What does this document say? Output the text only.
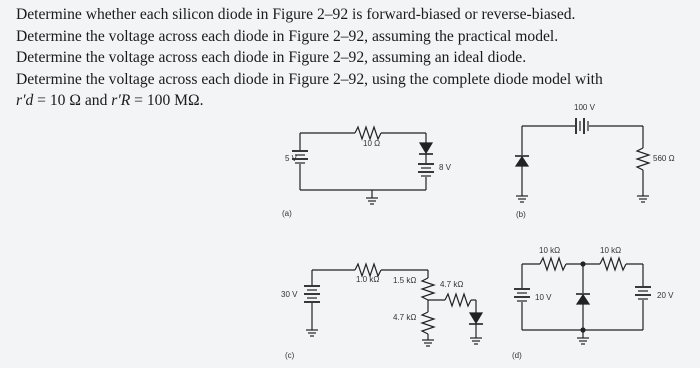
Determine whether each silicon diode in Figure 2–92 is forward-biased or reverse-biased.
Determine the voltage across each diode in Figure 2–92, assuming the practical model.
Determine the voltage across each diode in Figure 2–92, assuming an ideal diode.
Determine the voltage across each diode in Figure 2–92, using the complete diode model with
r′d = 10 Ω and r′R = 100 MΩ.
5 V
10 Ω
8 V
(a)
100 V
560 Ω
(b)
30 V
1.0 kΩ 1.5 kΩ	4.7 kΩ
4.7 kΩ
(c)
10 V	20 V
10 kΩ	10 kΩ
(d)
